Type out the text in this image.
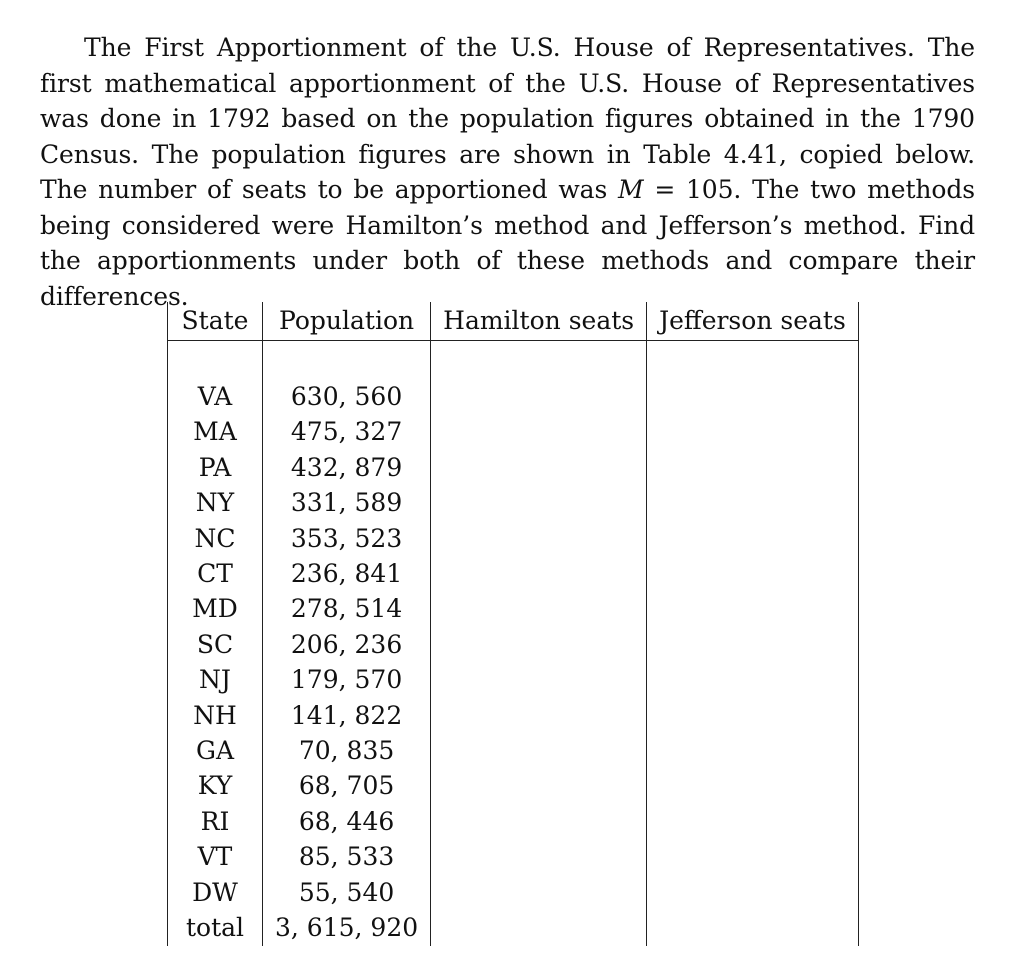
The First Apportionment of the U.S. House of Representatives. The first mathematical apportionment of the U.S. House of Representatives was done in 1792 based on the population figures obtained in the 1790 Census. The population figures are shown in Table 4.41, copied below. The number of seats to be apportioned was M = 105. The two methods being considered were Hamilton’s method and Jefferson’s method. Find the apportionments under both of these methods and compare their differences.
State	Population	Hamilton seats	Jefferson seats

VA	630, 560		
MA	475, 327		
PA	432, 879		
NY	331, 589		
NC	353, 523		
CT	236, 841		
MD	278, 514		
SC	206, 236		
NJ	179, 570		
NH	141, 822		
GA	70, 835		
KY	68, 705		
RI	68, 446		
VT	85, 533		
DW	55, 540		
total	3, 615, 920		
